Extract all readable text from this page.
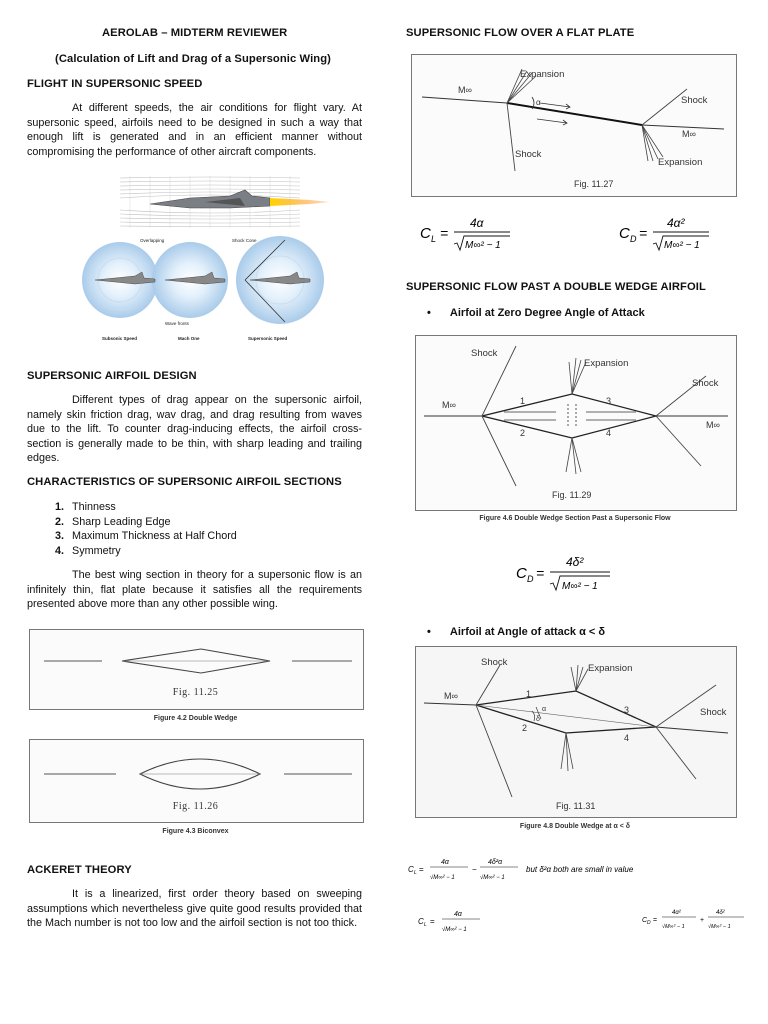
AEROLAB – MIDTERM REVIEWER
(Calculation of Lift and Drag of a Supersonic Wing)
FLIGHT IN SUPERSONIC SPEED
At different speeds, the air conditions for flight vary. At supersonic speed, airfoils need to be designed in such a way that enough lift is generated and in an efficient manner without compromising the performance of other aircraft components.
Overlapping	Shock Cone
Wave fronts
Subsonic Speed	Mach One	Supersonic Speed
SUPERSONIC AIRFOIL DESIGN
Different types of drag appear on the supersonic airfoil, namely skin friction drag, wav drag, and drag resulting from waves due to the lift. To counter drag-inducing effects, the airfoil cross-section is generally made to be thin, with sharp leading and trailing edges.
CHARACTERISTICS OF SUPERSONIC AIRFOIL SECTIONS
1. Thinness
2. Sharp Leading Edge
3. Maximum Thickness at Half Chord
4. Symmetry
The best wing section in theory for a supersonic flow is an infinitely thin, flat plate because it satisfies all the requirements presented above more than any other possible wing.
Fig. 11.25
Figure 4.2 Double Wedge
Fig. 11.26
Figure 4.3 Biconvex
ACKERET THEORY
It is a linearized, first order theory based on sweeping assumptions which nevertheless give quite good results provided that the Mach number is not too low and the airfoil section is not too thick.
SUPERSONIC FLOW OVER A FLAT PLATE
M∞
Expansion
Shock
Shock
Expansion
M∞
α
Fig. 11.27
C L =
4α
M∞² − 1
C D =
4α²
M∞² − 1
SUPERSONIC FLOW PAST A DOUBLE WEDGE AIRFOIL
• Airfoil at Zero Degree Angle of Attack
Shock
Expansion
Shock
M∞
M∞
1
2
3
4
Fig. 11.29
Figure 4.6 Double Wedge Section Past a Supersonic Flow
C D =
4δ²
M∞² − 1
• Airfoil at Angle of attack α < δ
Shock
Expansion
Shock
M∞	1
2
3
4
α
δ
Fig. 11.31
Figure 4.8 Double Wedge at α < δ
C L =
4α
√M∞² − 1
−
4δ²α
√M∞² − 1
but δ²α both are small in value
C L =
4α
√M∞² − 1
C D =
4α²
√M∞² − 1
+
4δ²
√M∞² − 1
